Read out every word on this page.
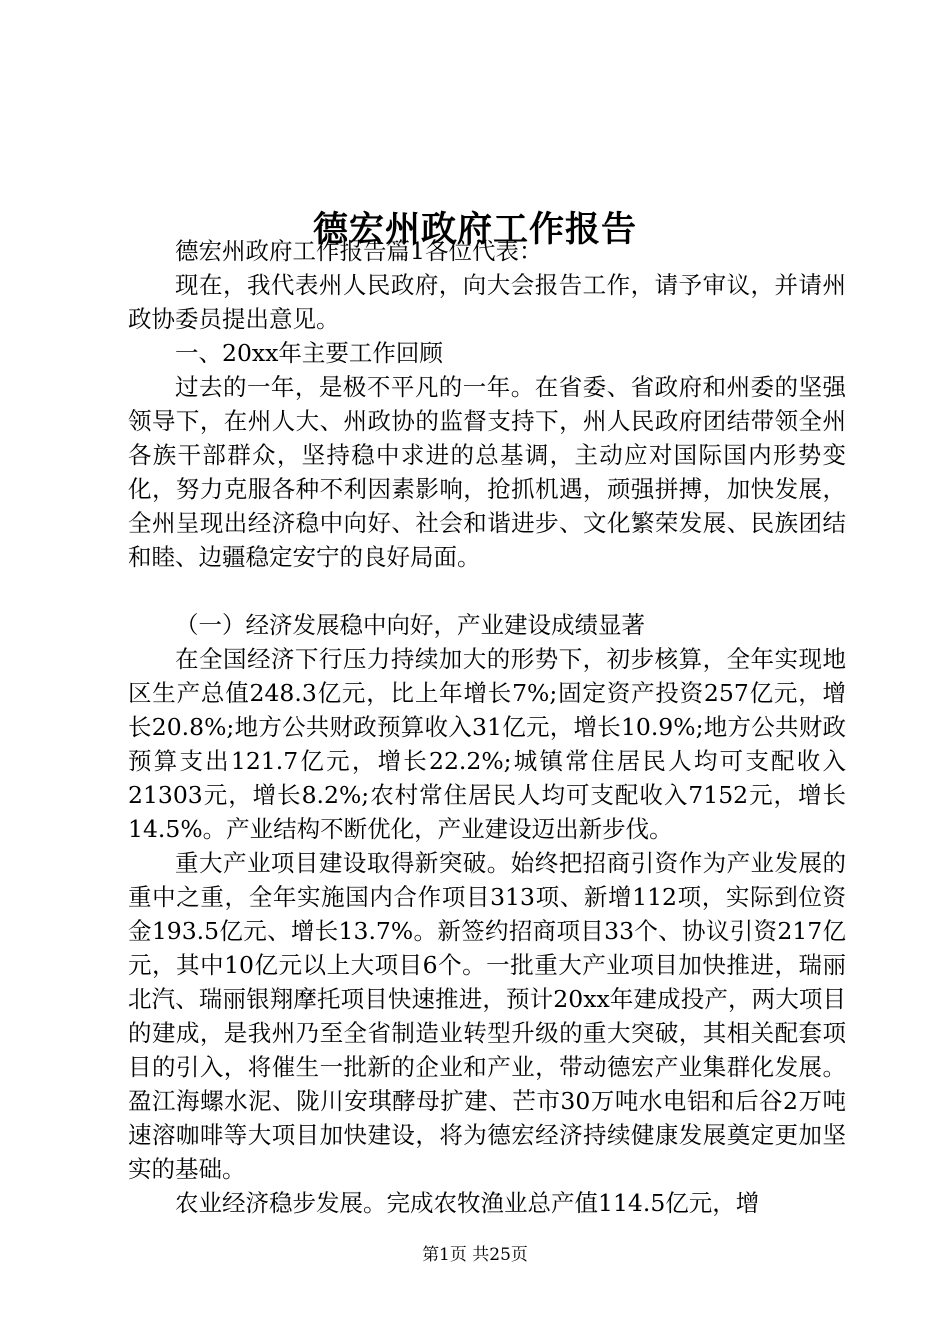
德宏州政府工作报告

德宏州政府工作报告篇1各位代表：

现在，我代表州人民政府，向大会报告工作，请予审议，并请州政协委员提出意见。

一、20xx年主要工作回顾

过去的一年，是极不平凡的一年。在省委、省政府和州委的坚强领导下，在州人大、州政协的监督支持下，州人民政府团结带领全州各族干部群众，坚持稳中求进的总基调，主动应对国际国内形势变化，努力克服各种不利因素影响，抢抓机遇，顽强拼搏，加快发展，全州呈现出经济稳中向好、社会和谐进步、文化繁荣发展、民族团结和睦、边疆稳定安宁的良好局面。

（一）经济发展稳中向好，产业建设成绩显著

在全国经济下行压力持续加大的形势下，初步核算，全年实现地区生产总值248.3亿元，比上年增长7%;固定资产投资257亿元，增长20.8%;地方公共财政预算收入31亿元，增长10.9%;地方公共财政预算支出121.7亿元，增长22.2%;城镇常住居民人均可支配收入21303元，增长8.2%;农村常住居民人均可支配收入7152元，增长14.5%。产业结构不断优化，产业建设迈出新步伐。

重大产业项目建设取得新突破。始终把招商引资作为产业发展的重中之重，全年实施国内合作项目313项、新增112项，实际到位资金193.5亿元、增长13.7%。新签约招商项目33个、协议引资217亿元，其中10亿元以上大项目6个。一批重大产业项目加快推进，瑞丽北汽、瑞丽银翔摩托项目快速推进，预计20xx年建成投产，两大项目的建成，是我州乃至全省制造业转型升级的重大突破，其相关配套项目的引入，将催生一批新的企业和产业，带动德宏产业集群化发展。盈江海螺水泥、陇川安琪酵母扩建、芒市30万吨水电铝和后谷2万吨速溶咖啡等大项目加快建设，将为德宏经济持续健康发展奠定更加坚实的基础。

农业经济稳步发展。完成农牧渔业总产值114.5亿元，增

第1页 共25页
